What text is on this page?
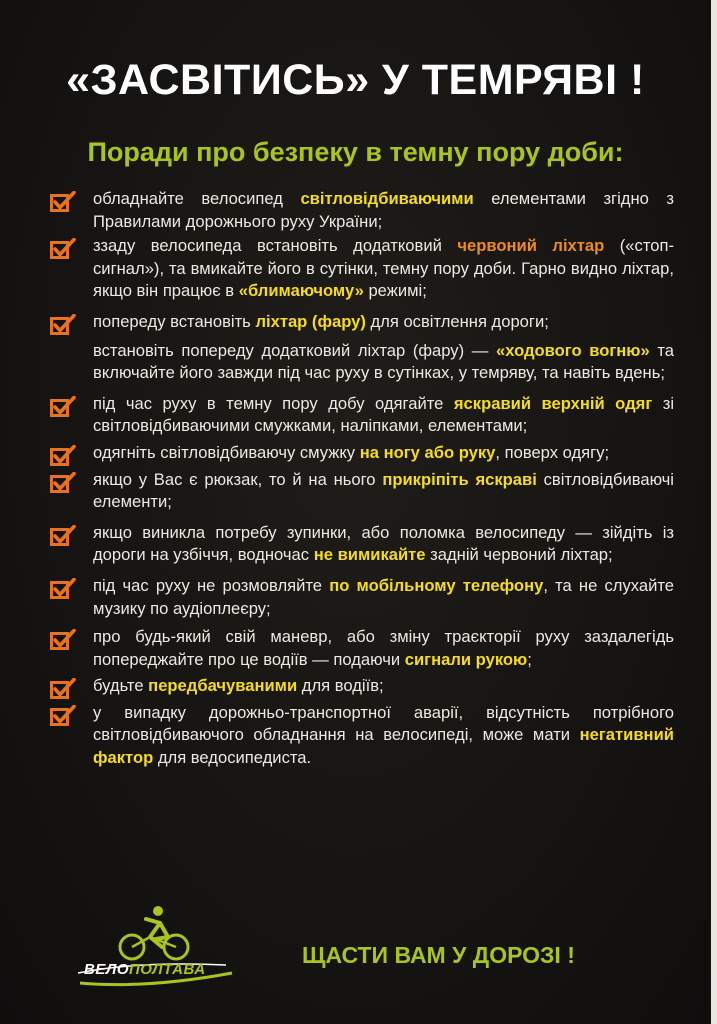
«ЗАСВІТИСЬ» У ТЕМРЯВІ !
Поради про безпеку в темну пору доби:
обладнайте велосипед світловідбиваючими елементами згідно з Правилами дорожнього руху України;
ззаду велосипеда встановіть додатковий червоний ліхтар («стоп-сигнал»), та вмикайте його в сутінки, темну пору доби. Гарно видно ліхтар, якщо він працює в «блимаючому» режимі;
попереду встановіть ліхтар (фару) для освітлення дороги;
встановіть попереду додатковий ліхтар (фару) — «ходового вогню» та включайте його завжди під час руху в сутінках, у темряву, та навіть вдень;
під час руху в темну пору добу одягайте яскравий верхній одяг зі світловідбиваючими смужками, наліпками, елементами;
одягніть світловідбиваючу смужку на ногу або руку, поверх одягу;
якщо у Вас є рюкзак, то й на нього прикріпіть яскраві світловідбиваючі елементи;
якщо виникла потребу зупинки, або поломка велосипеду — зійдіть із дороги на узбіччя, водночас не вимикайте задній червоний ліхтар;
під час руху не розмовляйте по мобільному телефону, та не слухайте музику по аудіоплеєру;
про будь-який свій маневр, або зміну траєкторії руху заздалегідь попереджайте про це водіїв — подаючи сигнали рукою;
будьте передбачуваними для водіїв;
у випадку дорожньо-транспортної аварії, відсутність потрібного світловідбиваючого обладнання на велосипеді, може мати негативний фактор для ведосипедиста.
ВЕЛОПОЛТАВА
ЩАСТИ ВАМ У ДОРОЗІ !
